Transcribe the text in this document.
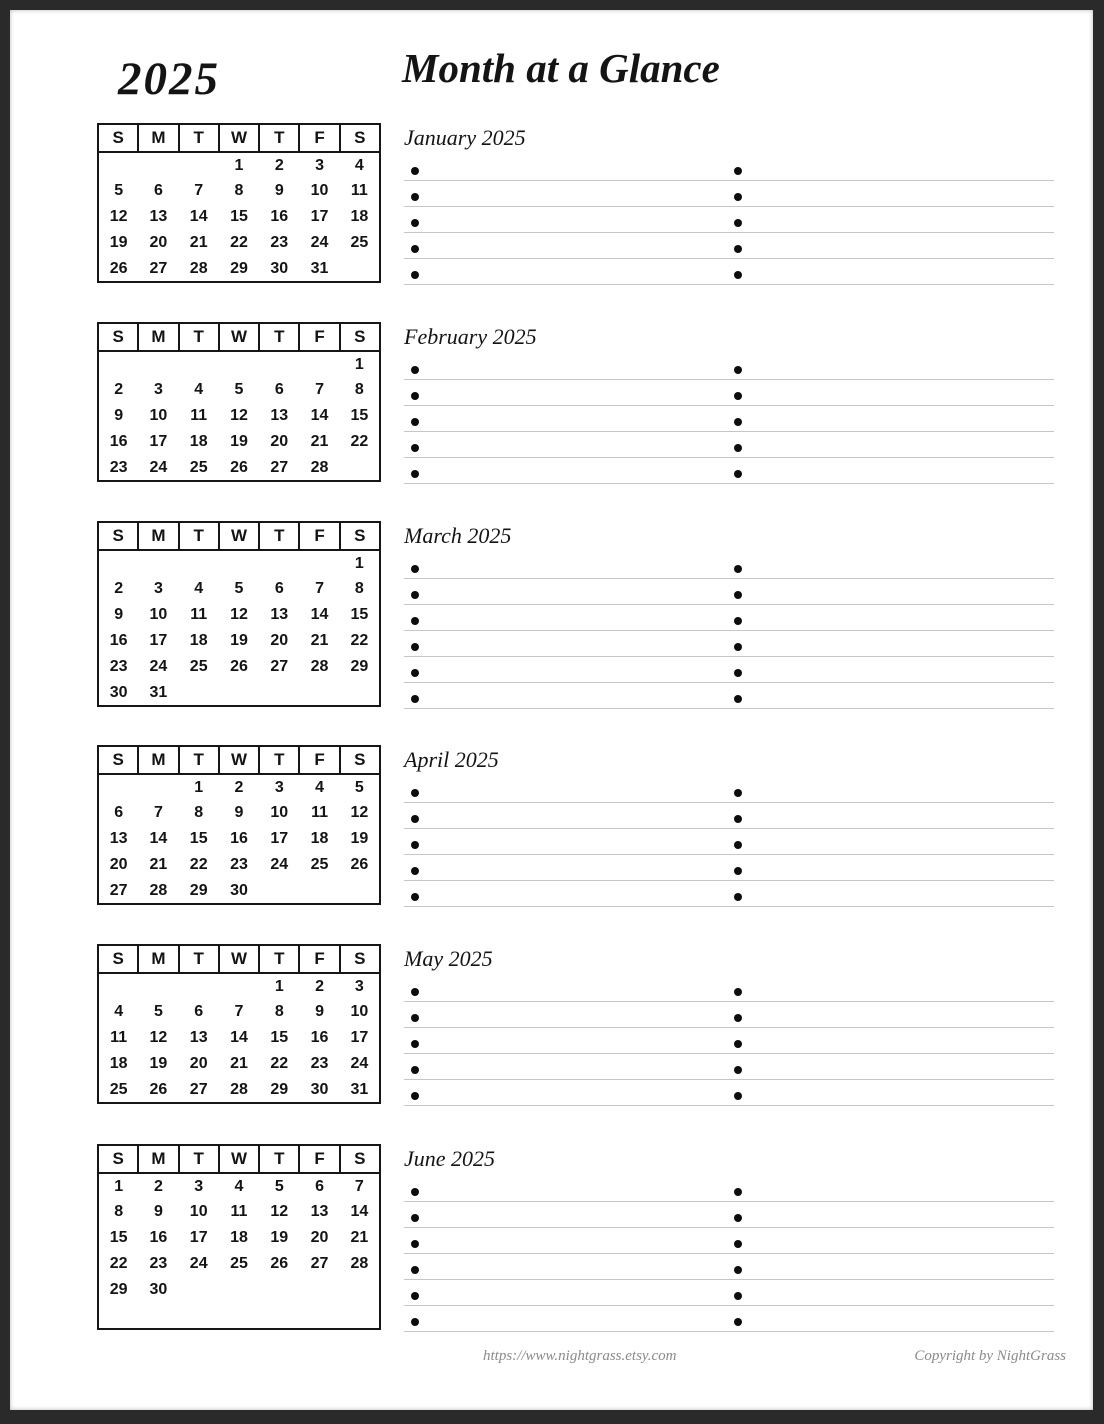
2025	Month at a Glance
S	M	T	W	T	F	S
			1	2	3	4
5	6	7	8	9	10	11
12	13	14	15	16	17	18
19	20	21	22	23	24	25
26	27	28	29	30	31	
January 2025
S	M	T	W	T	F	S
						1
2	3	4	5	6	7	8
9	10	11	12	13	14	15
16	17	18	19	20	21	22
23	24	25	26	27	28	
February 2025
S	M	T	W	T	F	S
						1
2	3	4	5	6	7	8
9	10	11	12	13	14	15
16	17	18	19	20	21	22
23	24	25	26	27	28	29
30	31					
March 2025
S	M	T	W	T	F	S
		1	2	3	4	5
6	7	8	9	10	11	12
13	14	15	16	17	18	19
20	21	22	23	24	25	26
27	28	29	30			
April 2025
S	M	T	W	T	F	S
				1	2	3
4	5	6	7	8	9	10
11	12	13	14	15	16	17
18	19	20	21	22	23	24
25	26	27	28	29	30	31
May 2025
S	M	T	W	T	F	S
1	2	3	4	5	6	7
8	9	10	11	12	13	14
15	16	17	18	19	20	21
22	23	24	25	26	27	28
29	30					

June 2025
https://www.nightgrass.etsy.com	Copyright by NightGrass
